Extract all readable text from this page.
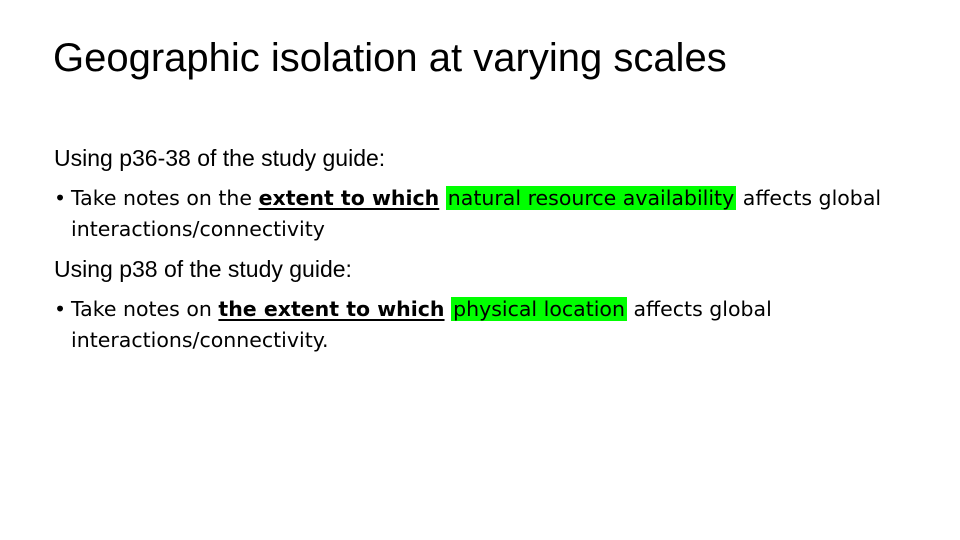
Geographic isolation at varying scales
Using p36-38 of the study guide:
• Take notes on the extent to which natural resource availability affects global interactions/connectivity
Using p38 of the study guide:
• Take notes on the extent to which physical location affects global interactions/connectivity.
